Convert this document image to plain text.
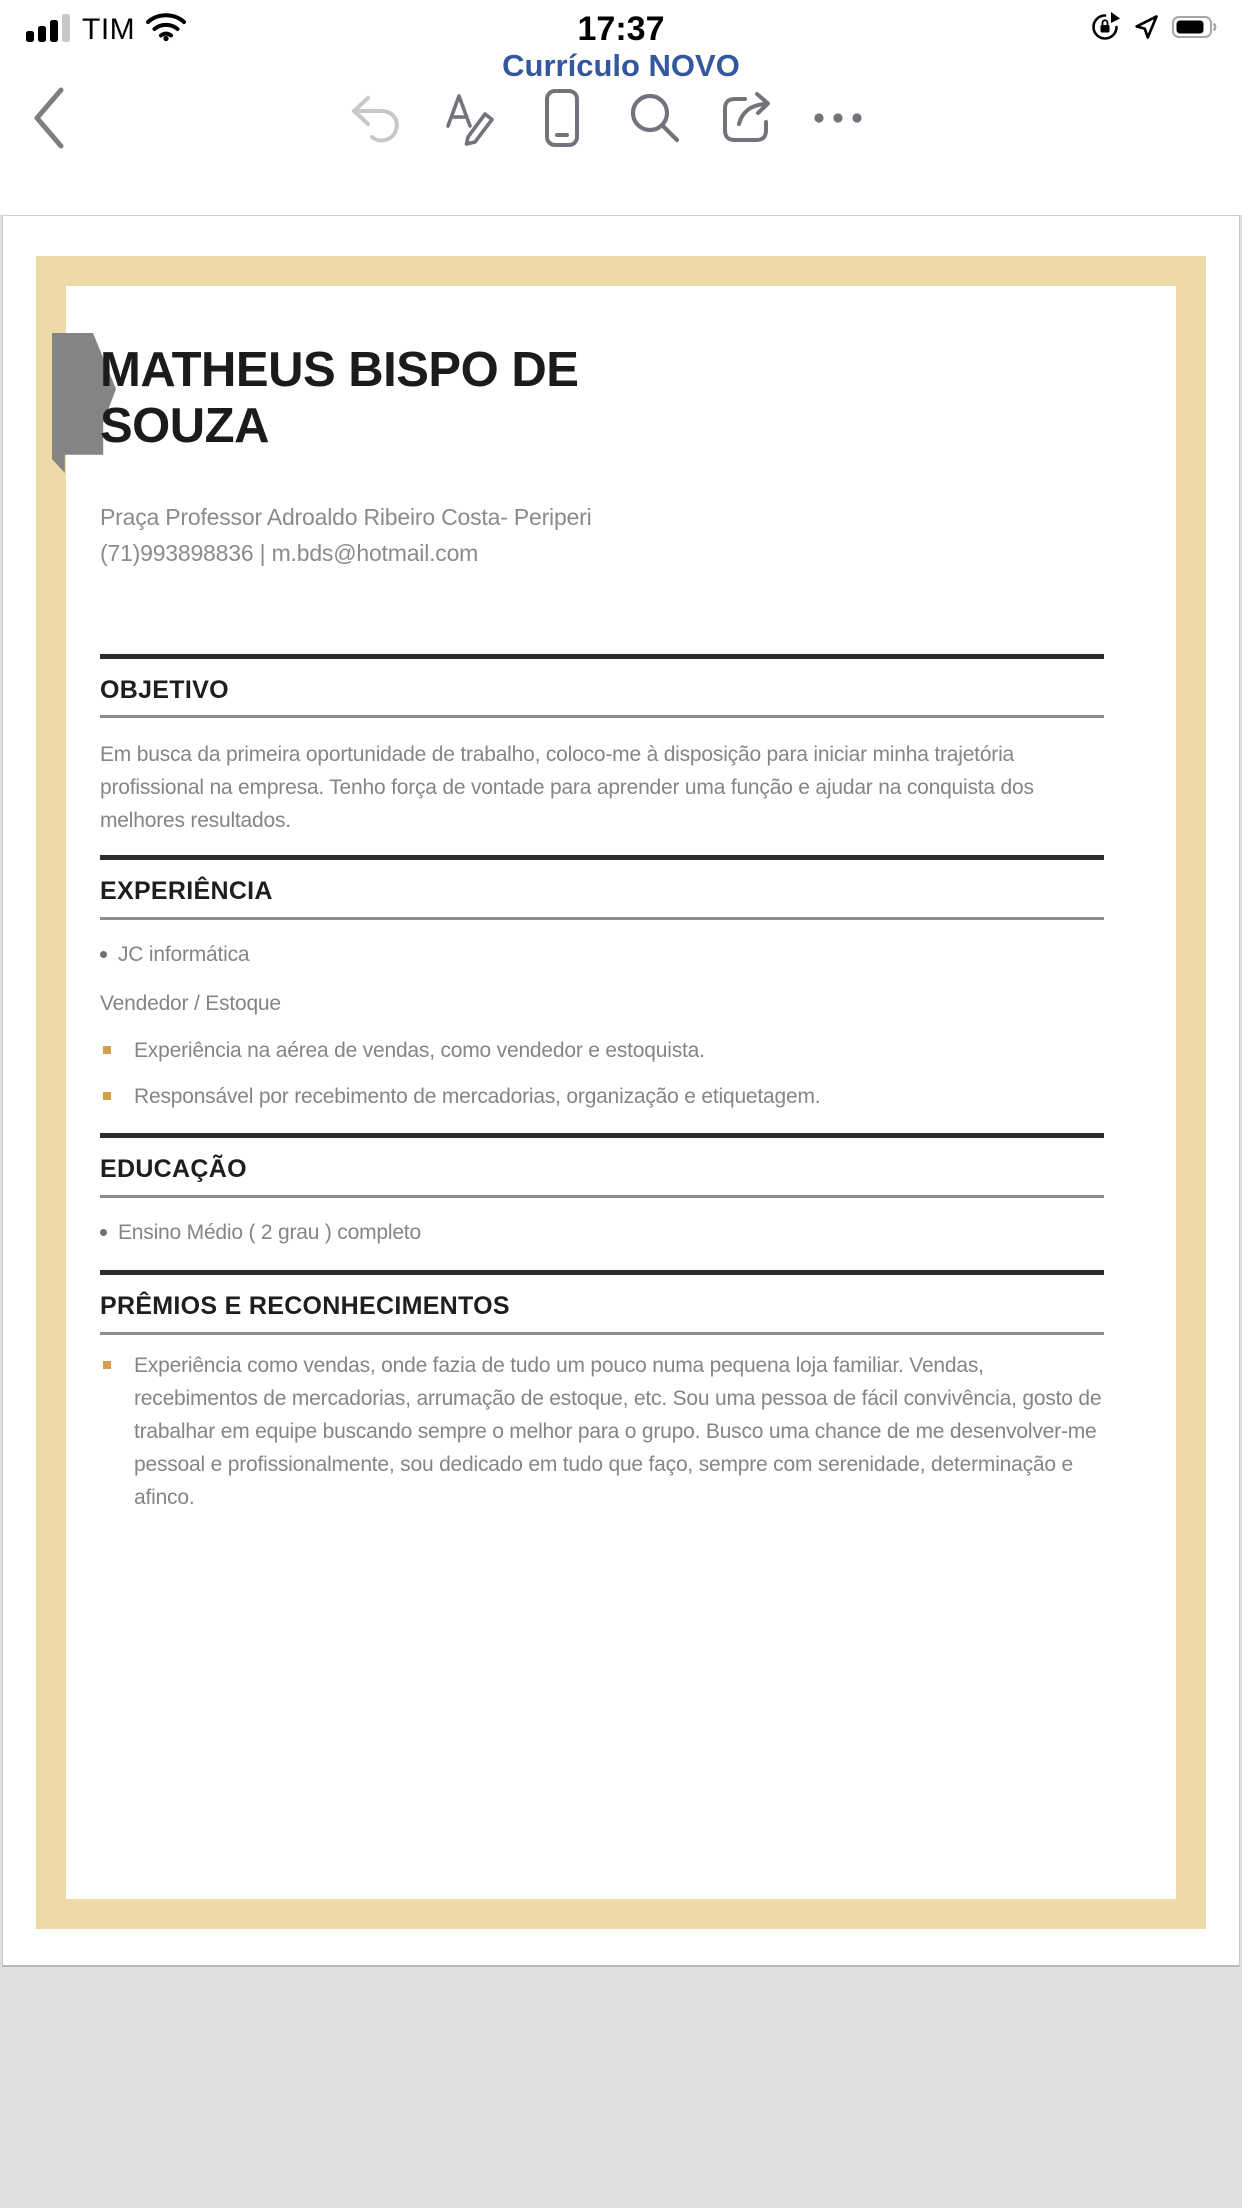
TIM	17:37
Currículo NOVO
MATHEUS BISPO DE SOUZA
Praça Professor Adroaldo Ribeiro Costa- Periperi
(71)993898836 | m.bds@hotmail.com
OBJETIVO

Em busca da primeira oportunidade de trabalho, coloco-me à disposição para iniciar minha trajetória profissional na empresa. Tenho força de vontade para aprender uma função e ajudar na conquista dos melhores resultados.

EXPERIÊNCIA
JC informática
Vendedor / Estoque
Experiência na aérea de vendas, como vendedor e estoquista.
Responsável por recebimento de mercadorias, organização e etiquetagem.
EDUCAÇÃO
Ensino Médio ( 2 grau ) completo
PRÊMIOS E RECONHECIMENTOS
Experiência como vendas, onde fazia de tudo um pouco numa pequena loja familiar. Vendas, recebimentos de mercadorias, arrumação de estoque, etc. Sou uma pessoa de fácil convivência, gosto de trabalhar em equipe buscando sempre o melhor para o grupo. Busco uma chance de me desenvolver-me pessoal e profissionalmente, sou dedicado em tudo que faço, sempre com serenidade, determinação e afinco.
